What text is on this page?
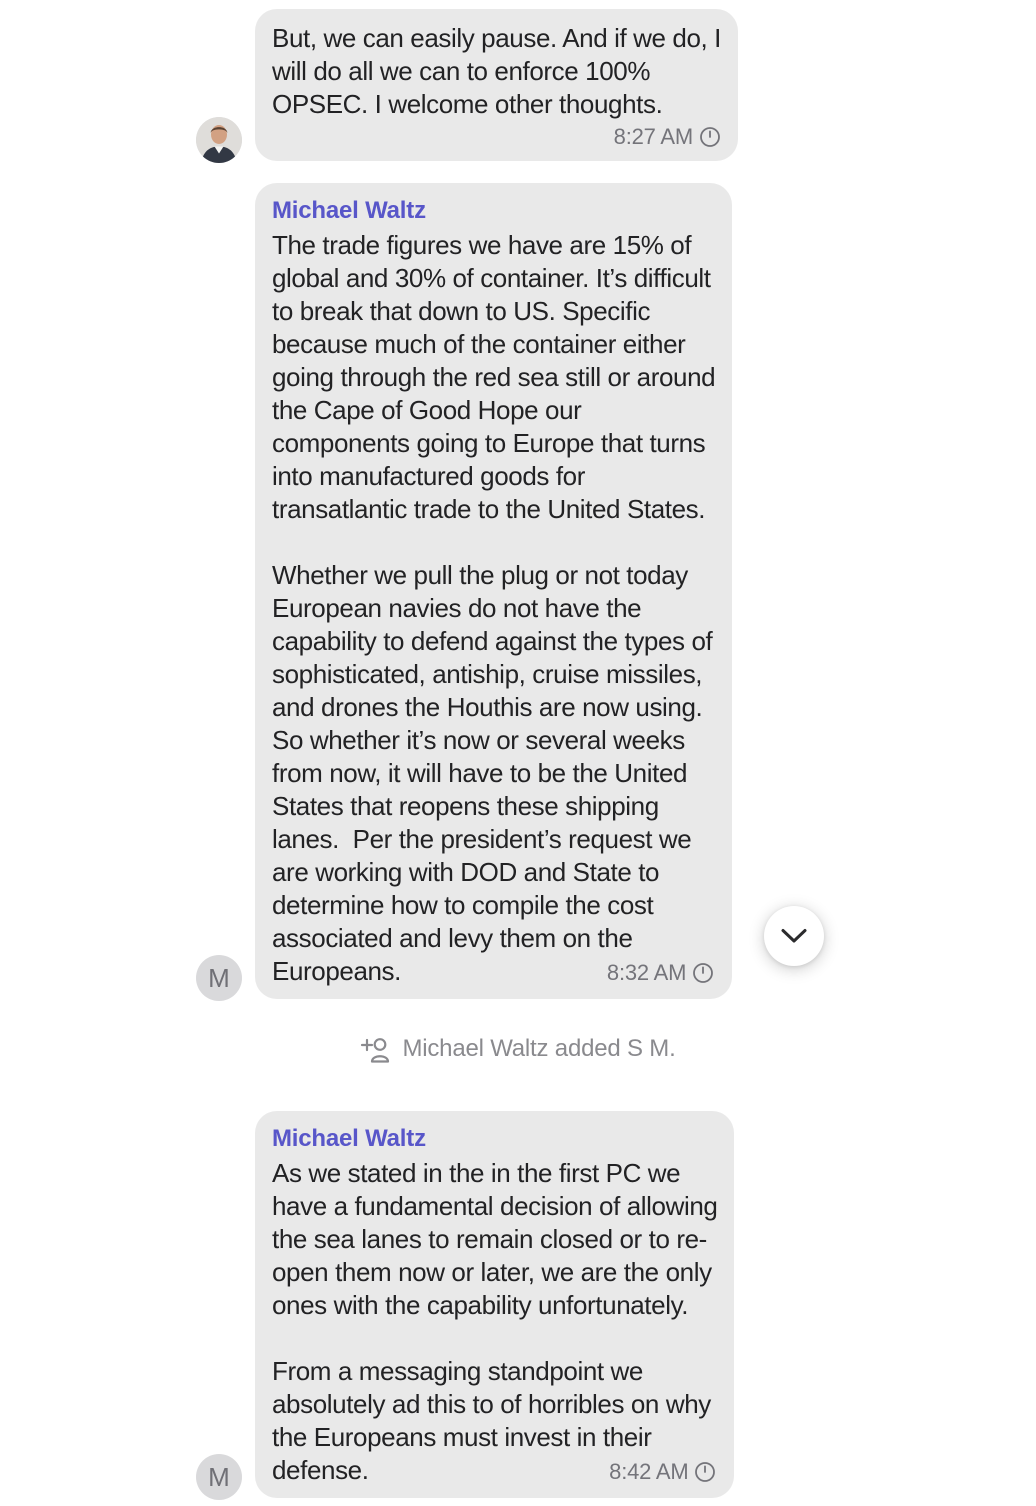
But, we can easily pause. And if we do, I
will do all we can to enforce 100%
OPSEC. I welcome other thoughts.
8:27 AM
M
Michael Waltz
The trade figures we have are 15% of
global and 30% of container. It’s difficult
to break that down to US. Specific
because much of the container either
going through the red sea still or around
the Cape of Good Hope our
components going to Europe that turns
into manufactured goods for
transatlantic trade to the United States.

Whether we pull the plug or not today
European navies do not have the
capability to defend against the types of
sophisticated, antiship, cruise missiles,
and drones the Houthis are now using.
So whether it’s now or several weeks
from now, it will have to be the United
States that reopens these shipping
lanes.  Per the president’s request we
are working with DOD and State to
determine how to compile the cost
associated and levy them on the
Europeans.	8:32 AM
Michael Waltz added S M.
M
Michael Waltz
As we stated in the in the first PC we
have a fundamental decision of allowing
the sea lanes to remain closed or to re-
open them now or later, we are the only
ones with the capability unfortunately.

From a messaging standpoint we
absolutely ad this to of horribles on why
the Europeans must invest in their
defense.	8:42 AM
